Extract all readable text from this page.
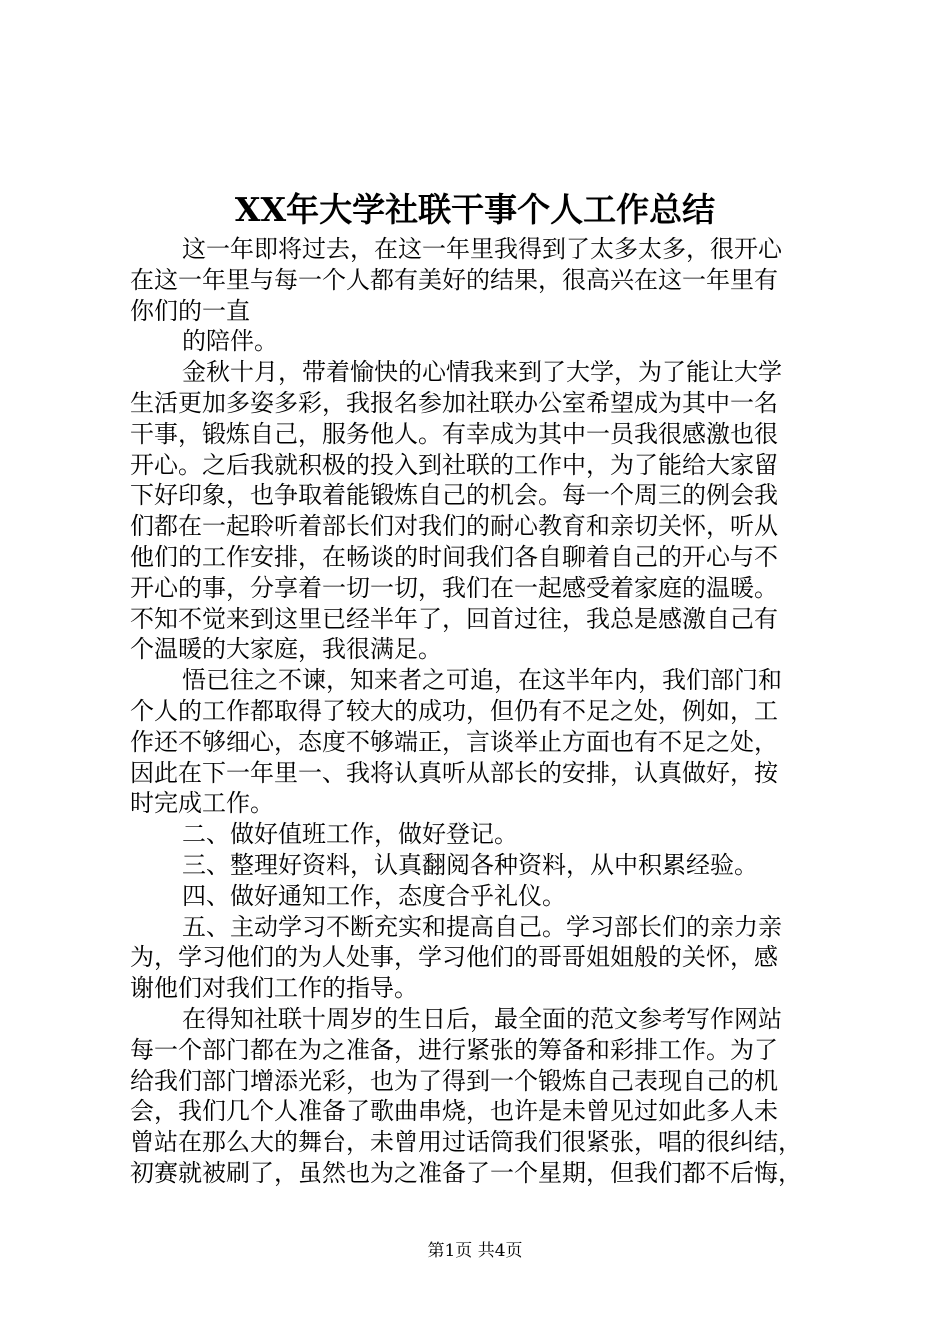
XX年大学社联干事个人工作总结
这一年即将过去，在这一年里我得到了太多太多，很开心
在这一年里与每一个人都有美好的结果，很高兴在这一年里有
你们的一直
的陪伴。
金秋十月，带着愉快的心情我来到了大学，为了能让大学
生活更加多姿多彩，我报名参加社联办公室希望成为其中一名
干事，锻炼自己，服务他人。有幸成为其中一员我很感激也很
开心。之后我就积极的投入到社联的工作中，为了能给大家留
下好印象，也争取着能锻炼自己的机会。每一个周三的例会我
们都在一起聆听着部长们对我们的耐心教育和亲切关怀，听从
他们的工作安排，在畅谈的时间我们各自聊着自己的开心与不
开心的事，分享着一切一切，我们在一起感受着家庭的温暖。
不知不觉来到这里已经半年了，回首过往，我总是感激自己有
个温暖的大家庭，我很满足。
悟已往之不谏，知来者之可追，在这半年内，我们部门和
个人的工作都取得了较大的成功，但仍有不足之处，例如，工
作还不够细心，态度不够端正，言谈举止方面也有不足之处，
因此在下一年里一、我将认真听从部长的安排，认真做好，按
时完成工作。
二、做好值班工作，做好登记。
三、整理好资料，认真翻阅各种资料，从中积累经验。
四、做好通知工作，态度合乎礼仪。
五、主动学习不断充实和提高自己。学习部长们的亲力亲
为，学习他们的为人处事，学习他们的哥哥姐姐般的关怀，感
谢他们对我们工作的指导。
在得知社联十周岁的生日后，最全面的范文参考写作网站
每一个部门都在为之准备，进行紧张的筹备和彩排工作。为了
给我们部门增添光彩，也为了得到一个锻炼自己表现自己的机
会，我们几个人准备了歌曲串烧，也许是未曾见过如此多人未
曾站在那么大的舞台，未曾用过话筒我们很紧张，唱的很纠结，
初赛就被刷了，虽然也为之准备了一个星期，但我们都不后悔，
第1页 共4页
